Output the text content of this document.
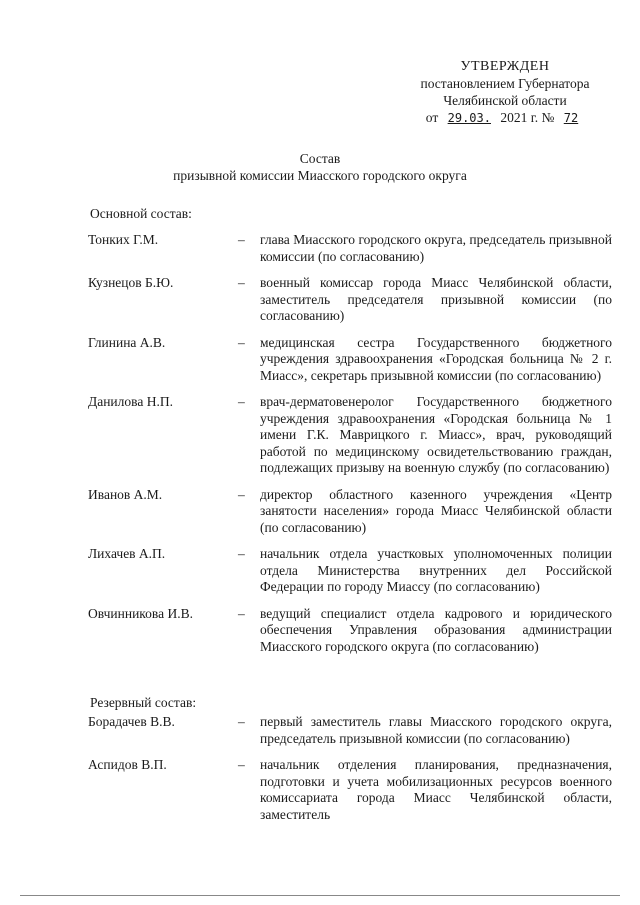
УТВЕРЖДЕН
постановлением Губернатора
Челябинской области
от 29.03. 2021 г. № 72
Состав
призывной комиссии Миасского городского округа
Основной состав:
Тонких Г.М.	–	глава Миасского городского округа, председатель призывной комиссии (по согласованию)
Кузнецов Б.Ю.	–	военный комиссар города Миасс Челябинской области, заместитель председателя призывной комиссии (по согласованию)
Глинина А.В.	–	медицинская сестра Государственного бюджетного учреждения здравоохранения «Городская больница № 2 г. Миасс», секретарь призывной комиссии (по согласованию)
Данилова Н.П.	–	врач-дерматовенеролог Государственного бюджетного учреждения здравоохранения «Городская больница № 1 имени Г.К. Маврицкого г. Миасс», врач, руководящий работой по медицинскому освидетельствованию граждан, подлежащих призыву на военную службу (по согласованию)
Иванов А.М.	–	директор областного казенного учреждения «Центр занятости населения» города Миасс Челябинской области (по согласованию)
Лихачев А.П.	–	начальник отдела участковых уполномоченных полиции отдела Министерства внутренних дел Российской Федерации по городу Миассу (по согласованию)
Овчинникова И.В.	–	ведущий специалист отдела кадрового и юридического обеспечения Управления образования администрации Миасского городского округа (по согласованию)
Резервный состав:
Борадачев В.В.	–	первый заместитель главы Миасского городского округа, председатель призывной комиссии (по согласованию)
Аспидов В.П.	–	начальник отделения планирования, предназначения, подготовки и учета мобилизационных ресурсов военного комиссариата города Миасс Челябинской области, заместитель
